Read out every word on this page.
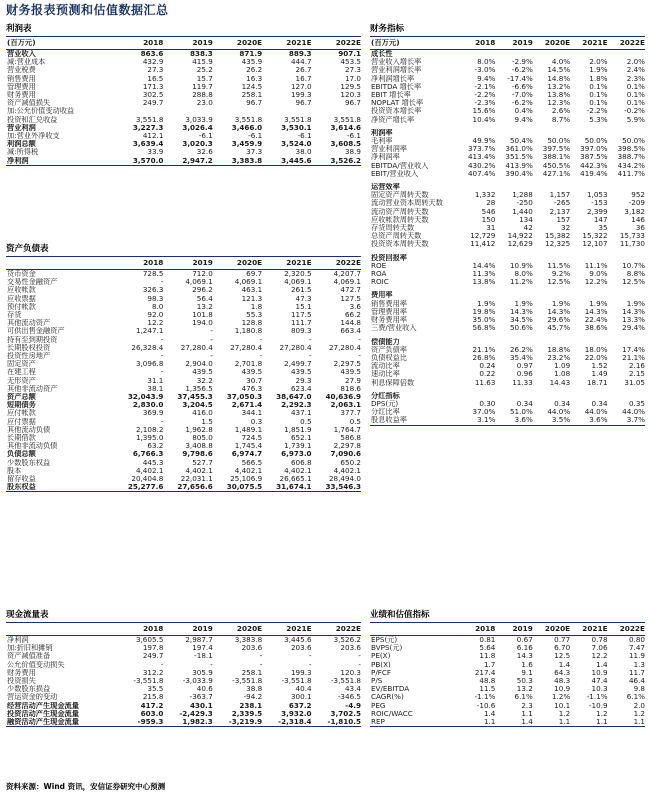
财务报表预测和估值数据汇总
利润表
(百万元)	2018	2019	2020E	2021E	2022E
营业收入	863.6	838.3	871.9	889.3	907.1
减:营业成本	432.9	415.9	435.9	444.7	453.5
营业税费	27.3	25.2	26.2	26.7	27.3
销售费用	16.5	15.7	16.3	16.7	17.0
管理费用	171.3	119.7	124.5	127.0	129.5
财务费用	302.5	288.8	258.1	199.3	120.3
资产减值损失	249.7	23.0	96.7	96.7	96.7
加:公允价值变动收益					
投资和汇兑收益	3,551.8	3,033.9	3,551.8	3,551.8	3,551.8
营业利润	3,227.3	3,026.4	3,466.0	3,530.1	3,614.6
加:营业外净收支	412.1	-6.1	-6.1	-6.1	-6.1
利润总额	3,639.4	3,020.3	3,459.9	3,524.0	3,608.5
减:所得税	33.9	32.6	37.3	38.0	38.9
净利润	3,570.0	2,947.2	3,383.8	3,445.6	3,526.2
资产负债表
	2018	2019	2020E	2021E	2022E
货币资金	728.5	712.0	69.7	2,320.5	4,207.7
交易性金融资产	-	4,069.1	4,069.1	4,069.1	4,069.1
应收帐款	326.3	296.2	463.1	261.5	472.7
应收票据	98.3	56.4	121.3	47.3	127.5
预付帐款	8.0	13.2	1.8	15.1	3.6
存货	92.0	101.8	55.3	117.5	66.2
其他流动资产	12.2	194.0	128.8	111.7	144.8
可供出售金融资产	1,247.1	-	1,180.8	809.3	663.4
持有至到期投资	-	-	-	-	-
长期股权投资	26,328.4	27,280.4	27,280.4	27,280.4	27,280.4
投资性房地产	-	-	-	-	-
固定资产	3,096.8	2,904.0	2,701.8	2,499.7	2,297.5
在建工程	-	439.5	439.5	439.5	439.5
无形资产	31.1	32.2	30.7	29.3	27.9
其他非流动资产	38.1	1,356.5	476.3	623.4	818.6
资产总额	32,043.9	37,455.3	37,050.3	38,647.0	40,636.9
短期债务	2,830.0	3,204.5	2,671.4	2,292.3	2,063.1
应付帐款	369.9	416.0	344.1	437.1	377.7
应付票据	-	1.5	0.3	0.5	0.5
其他流动负债	2,108.2	1,962.8	1,489.1	1,851.9	1,764.7
长期借款	1,395.0	805.0	724.5	652.1	586.8
其他非流动负债	63.2	3,408.8	1,745.4	1,739.1	2,297.8
负债总额	6,766.3	9,798.6	6,974.7	6,973.0	7,090.6
少数股东权益	445.3	527.7	566.5	606.8	650.2
股本	4,402.1	4,402.1	4,402.1	4,402.1	4,402.1
留存收益	20,404.8	22,031.1	25,106.9	26,665.1	28,494.0
股东权益	25,277.6	27,656.6	30,075.5	31,674.1	33,546.3
现金流量表
	2018	2019	2020E	2021E	2022E
净利润	3,605.5	2,987.7	3,383.8	3,445.6	3,526.2
加:折旧和摊销	197.8	197.4	203.6	203.6	203.6
资产减值准备	249.7	-18.1	-	-	-
公允价值变动损失	-	-	-	-	-
财务费用	312.2	305.9	258.1	199.3	120.3
投资损失	-3,551.8	-3,033.9	-3,551.8	-3,551.8	-3,551.8
少数股东损益	35.5	40.6	38.8	40.4	43.4
营运资金的变动	215.8	-363.7	-94.2	300.1	-346.5
经营活动产生现金流量	417.2	430.1	238.1	637.2	-4.9
投资活动产生现金流量	603.0	-2,429.3	2,339.5	3,932.0	3,702.5
融资活动产生现金流量	-959.3	1,982.3	-3,219.9	-2,318.4	-1,810.5
财务指标
(百万元)	2018	2019	2020E	2021E	2022E
成长性					
营业收入增长率	8.0%	-2.9%	4.0%	2.0%	2.0%
营业利润增长率	-3.0%	-6.2%	14.5%	1.9%	2.4%
净利润增长率	9.4%	-17.4%	14.8%	1.8%	2.3%
EBITDA 增长率	-2.1%	-6.6%	13.2%	0.1%	0.1%
EBIT 增长率	-2.2%	-7.0%	13.8%	0.1%	0.1%
NOPLAT 增长率	-2.3%	-6.2%	12.3%	0.1%	0.1%
投资资本增长率	15.6%	0.4%	2.6%	-2.2%	-0.2%
净资产增长率	10.4%	9.4%	8.7%	5.3%	5.9%

利润率					
毛利率	49.9%	50.4%	50.0%	50.0%	50.0%
营业利润率	373.7%	361.0%	397.5%	397.0%	398.5%
净利润率	413.4%	351.5%	388.1%	387.5%	388.7%
EBITDA/营业收入	430.2%	413.9%	450.5%	442.3%	434.2%
EBIT/营业收入	407.4%	390.4%	427.1%	419.4%	411.7%

运营效率					
固定资产周转天数	1,332	1,288	1,157	1,053	952
流动营业资本周转天数	28	-250	-265	-153	-209
流动资产周转天数	546	1,440	2,137	2,399	3,182
应收帐款周转天数	150	134	157	147	146
存货周转天数	31	42	32	35	36
总资产周转天数	12,729	14,922	15,382	15,322	15,733
投资资本周转天数	11,412	12,629	12,325	12,107	11,730

投资回报率					
ROE	14.4%	10.9%	11.5%	11.1%	10.7%
ROA	11.3%	8.0%	9.2%	9.0%	8.8%
ROIC	13.8%	11.2%	12.5%	12.2%	12.5%

费用率					
销售费用率	1.9%	1.9%	1.9%	1.9%	1.9%
管理费用率	19.8%	14.3%	14.3%	14.3%	14.3%
财务费用率	35.0%	34.5%	29.6%	22.4%	13.3%
三费/营业收入	56.8%	50.6%	45.7%	38.6%	29.4%

偿债能力					
资产负债率	21.1%	26.2%	18.8%	18.0%	17.4%
负债权益比	26.8%	35.4%	23.2%	22.0%	21.1%
流动比率	0.24	0.97	1.09	1.52	2.16
速动比率	0.22	0.96	1.08	1.49	2.15
利息保障倍数	11.63	11.33	14.43	18.71	31.05

分红指标					
DPS(元)	0.30	0.34	0.34	0.34	0.35
分红比率	37.0%	51.0%	44.0%	44.0%	44.0%
股息收益率	3.1%	3.6%	3.5%	3.6%	3.7%
业绩和估值指标
	2018	2019	2020E	2021E	2022E
EPS(元)	0.81	0.67	0.77	0.78	0.80
BVPS(元)	5.64	6.16	6.70	7.06	7.47
PE(X)	11.8	14.3	12.5	12.2	11.9
PB(X)	1.7	1.6	1.4	1.4	1.3
P/FCF	217.4	9.1	64.3	10.9	11.7
P/S	48.8	50.3	48.3	47.4	46.4
EV/EBITDA	11.5	13.2	10.9	10.3	9.8
CAGR(%)	-1.1%	6.1%	1.2%	-1.1%	6.1%
PEG	-10.6	2.3	10.1	-10.9	2.0
ROIC/WACC	1.4	1.1	1.2	1.2	1.2
REP	1.1	1.4	1.1	1.1	1.1
资料来源：Wind 资讯，安信证券研究中心预测
